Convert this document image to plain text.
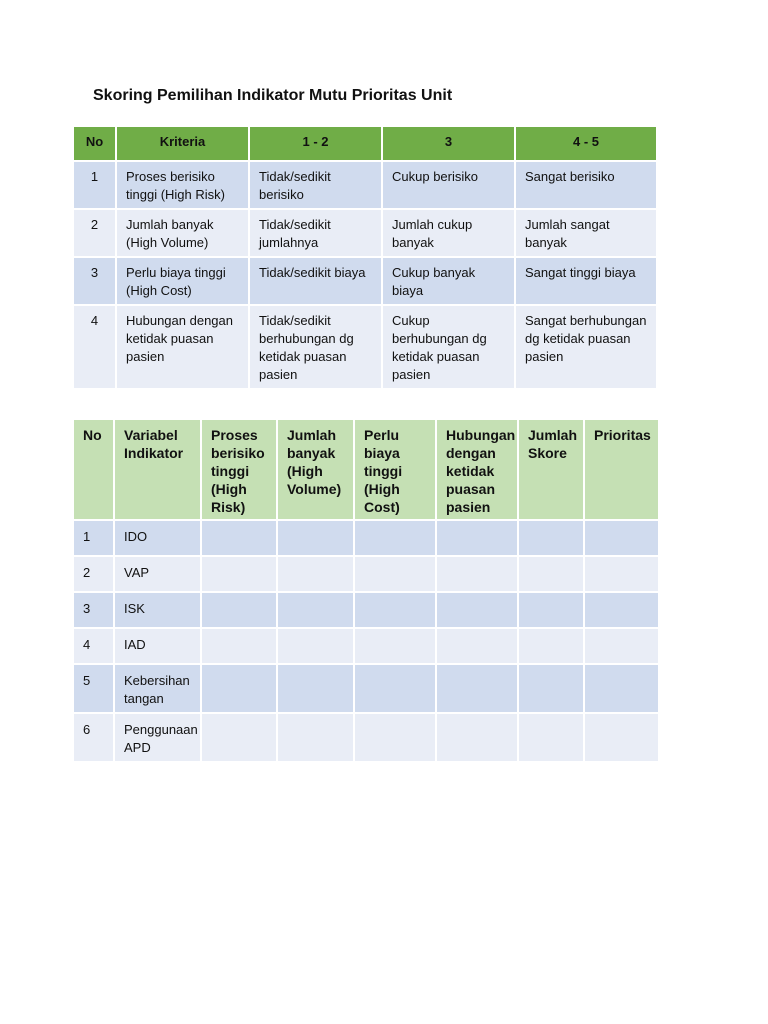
Skoring Pemilihan Indikator Mutu Prioritas Unit
No	Kriteria	1 - 2	3	4 - 5
1	Proses berisiko tinggi (High Risk)	Tidak/sedikit berisiko	Cukup berisiko	Sangat berisiko
2	Jumlah banyak (High Volume)	Tidak/sedikit jumlahnya	Jumlah cukup banyak	Jumlah sangat banyak
3	Perlu biaya tinggi (High Cost)	Tidak/sedikit biaya	Cukup banyak biaya	Sangat tinggi biaya
4	Hubungan dengan ketidak puasan pasien	Tidak/sedikit berhubungan dg ketidak puasan pasien	Cukup berhubungan dg ketidak puasan pasien	Sangat berhubungan dg ketidak puasan pasien
No	Variabel Indikator	Proses berisiko tinggi (High Risk)	Jumlah banyak (High Volume)	Perlu biaya tinggi (High Cost)	Hubungan dengan ketidak puasan pasien	Jumlah Skore	Prioritas
1	IDO						
2	VAP						
3	ISK						
4	IAD						
5	Kebersihan tangan						
6	Penggunaan APD						
